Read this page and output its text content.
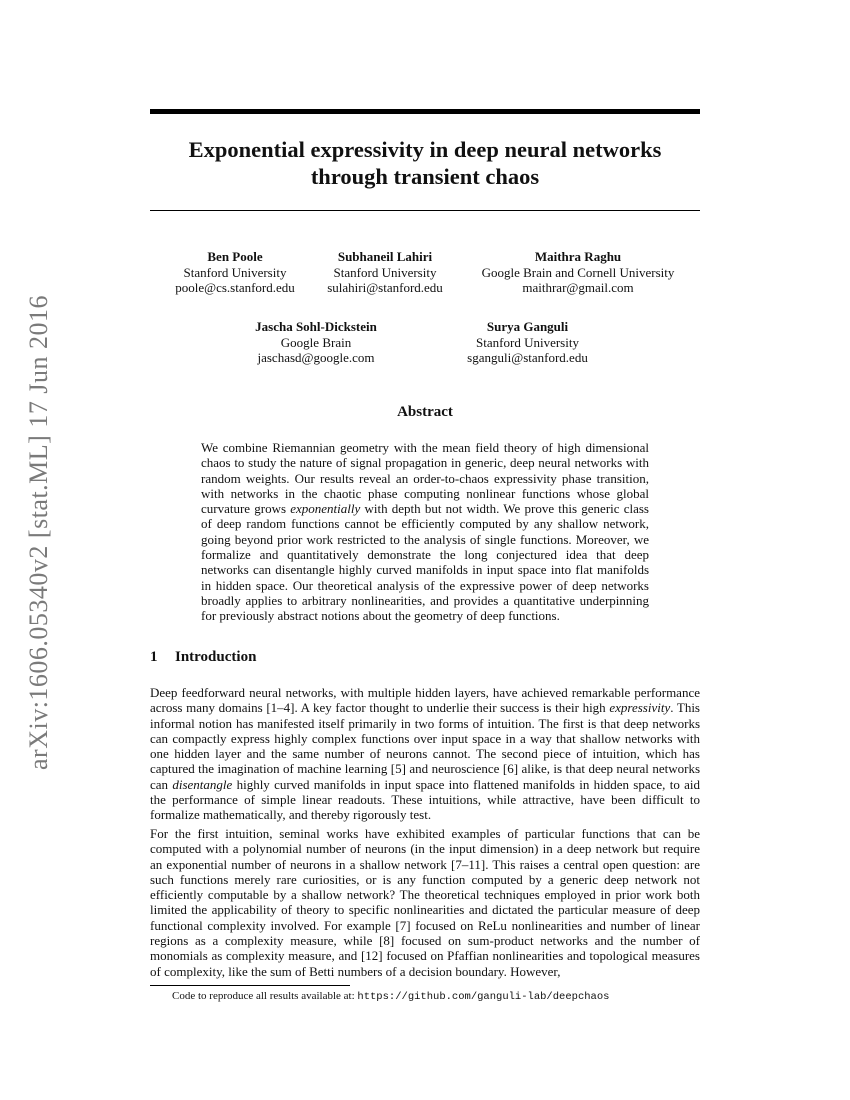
arXiv:1606.05340v2 [stat.ML] 17 Jun 2016
Exponential expressivity in deep neural networks
through transient chaos
Ben Poole
Stanford University
poole@cs.stanford.edu
Subhaneil Lahiri
Stanford University
sulahiri@stanford.edu
Maithra Raghu
Google Brain and Cornell University
maithrar@gmail.com
Jascha Sohl-Dickstein
Google Brain
jaschasd@google.com
Surya Ganguli
Stanford University
sganguli@stanford.edu
Abstract
We combine Riemannian geometry with the mean field theory of high dimensional chaos to study the nature of signal propagation in generic, deep neural networks with random weights. Our results reveal an order-to-chaos expressivity phase transition, with networks in the chaotic phase computing nonlinear functions whose global curvature grows exponentially with depth but not width. We prove this generic class of deep random functions cannot be efficiently computed by any shallow network, going beyond prior work restricted to the analysis of single functions. Moreover, we formalize and quantitatively demonstrate the long conjectured idea that deep networks can disentangle highly curved manifolds in input space into flat manifolds in hidden space. Our theoretical analysis of the expressive power of deep networks broadly applies to arbitrary nonlinearities, and provides a quantitative underpinning for previously abstract notions about the geometry of deep functions.
1 Introduction
Deep feedforward neural networks, with multiple hidden layers, have achieved remarkable performance across many domains [1–4]. A key factor thought to underlie their success is their high expressivity. This informal notion has manifested itself primarily in two forms of intuition. The first is that deep networks can compactly express highly complex functions over input space in a way that shallow networks with one hidden layer and the same number of neurons cannot. The second piece of intuition, which has captured the imagination of machine learning [5] and neuroscience [6] alike, is that deep neural networks can disentangle highly curved manifolds in input space into flattened manifolds in hidden space, to aid the performance of simple linear readouts. These intuitions, while attractive, have been difficult to formalize mathematically, and thereby rigorously test.
For the first intuition, seminal works have exhibited examples of particular functions that can be computed with a polynomial number of neurons (in the input dimension) in a deep network but require an exponential number of neurons in a shallow network [7–11]. This raises a central open question: are such functions merely rare curiosities, or is any function computed by a generic deep network not efficiently computable by a shallow network? The theoretical techniques employed in prior work both limited the applicability of theory to specific nonlinearities and dictated the particular measure of deep functional complexity involved. For example [7] focused on ReLu nonlinearities and number of linear regions as a complexity measure, while [8] focused on sum-product networks and the number of monomials as complexity measure, and [12] focused on Pfaffian nonlinearities and topological measures of complexity, like the sum of Betti numbers of a decision boundary. However,
Code to reproduce all results available at: https://github.com/ganguli-lab/deepchaos
